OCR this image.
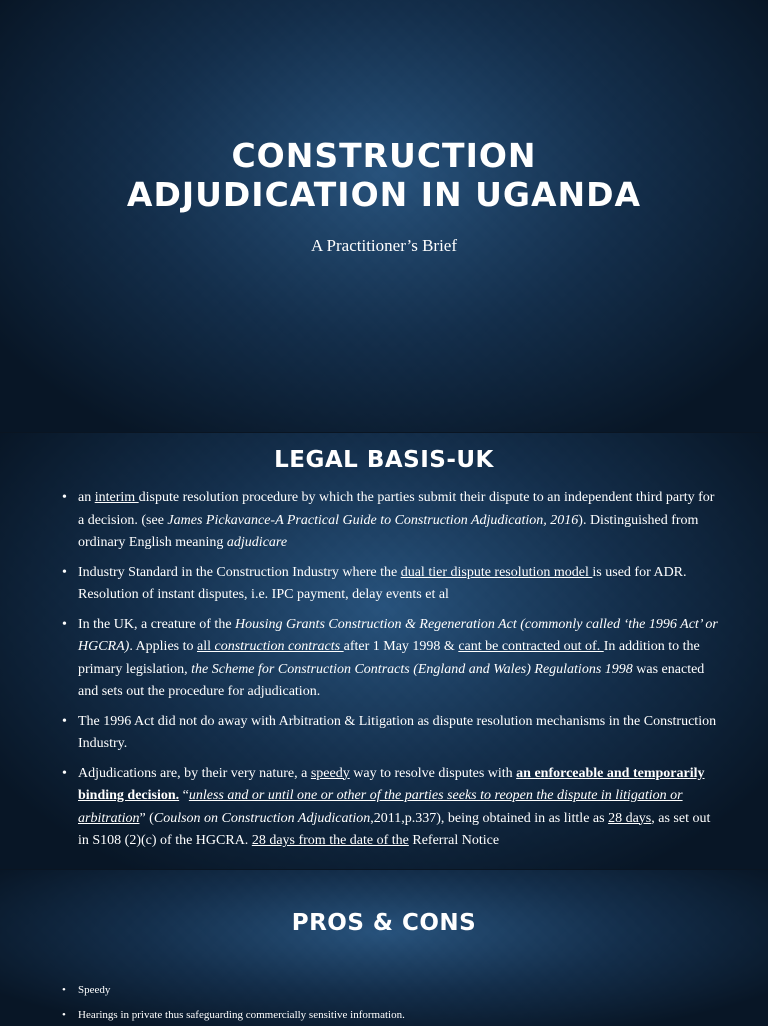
CONSTRUCTION
ADJUDICATION IN UGANDA
A Practitioner’s Brief
LEGAL BASIS-UK
• an interim dispute resolution procedure by which the parties submit their dispute to an independent third party for a decision. (see James Pickavance-A Practical Guide to Construction Adjudication, 2016). Distinguished from ordinary English meaning adjudicare
• Industry Standard in the Construction Industry where the dual tier dispute resolution model is used for ADR. Resolution of instant disputes, i.e. IPC payment, delay events et al
• In the UK, a creature of the Housing Grants Construction & Regeneration Act (commonly called ‘the 1996 Act’ or HGCRA). Applies to all construction contracts after 1 May 1998 & cant be contracted out of. In addition to the primary legislation, the Scheme for Construction Contracts (England and Wales) Regulations 1998 was enacted and sets out the procedure for adjudication.
• The 1996 Act did not do away with Arbitration & Litigation as dispute resolution mechanisms in the Construction Industry.
• Adjudications are, by their very nature, a speedy way to resolve disputes with an enforceable and temporarily binding decision. “unless and or until one or other of the parties seeks to reopen the dispute in litigation or arbitration” (Coulson on Construction Adjudication,2011,p.337), being obtained in as little as 28 days, as set out in S108 (2)(c) of the HGCRA. 28 days from the date of the Referral Notice
PROS & CONS
• Speedy
• Hearings in private thus safeguarding commercially sensitive information.
